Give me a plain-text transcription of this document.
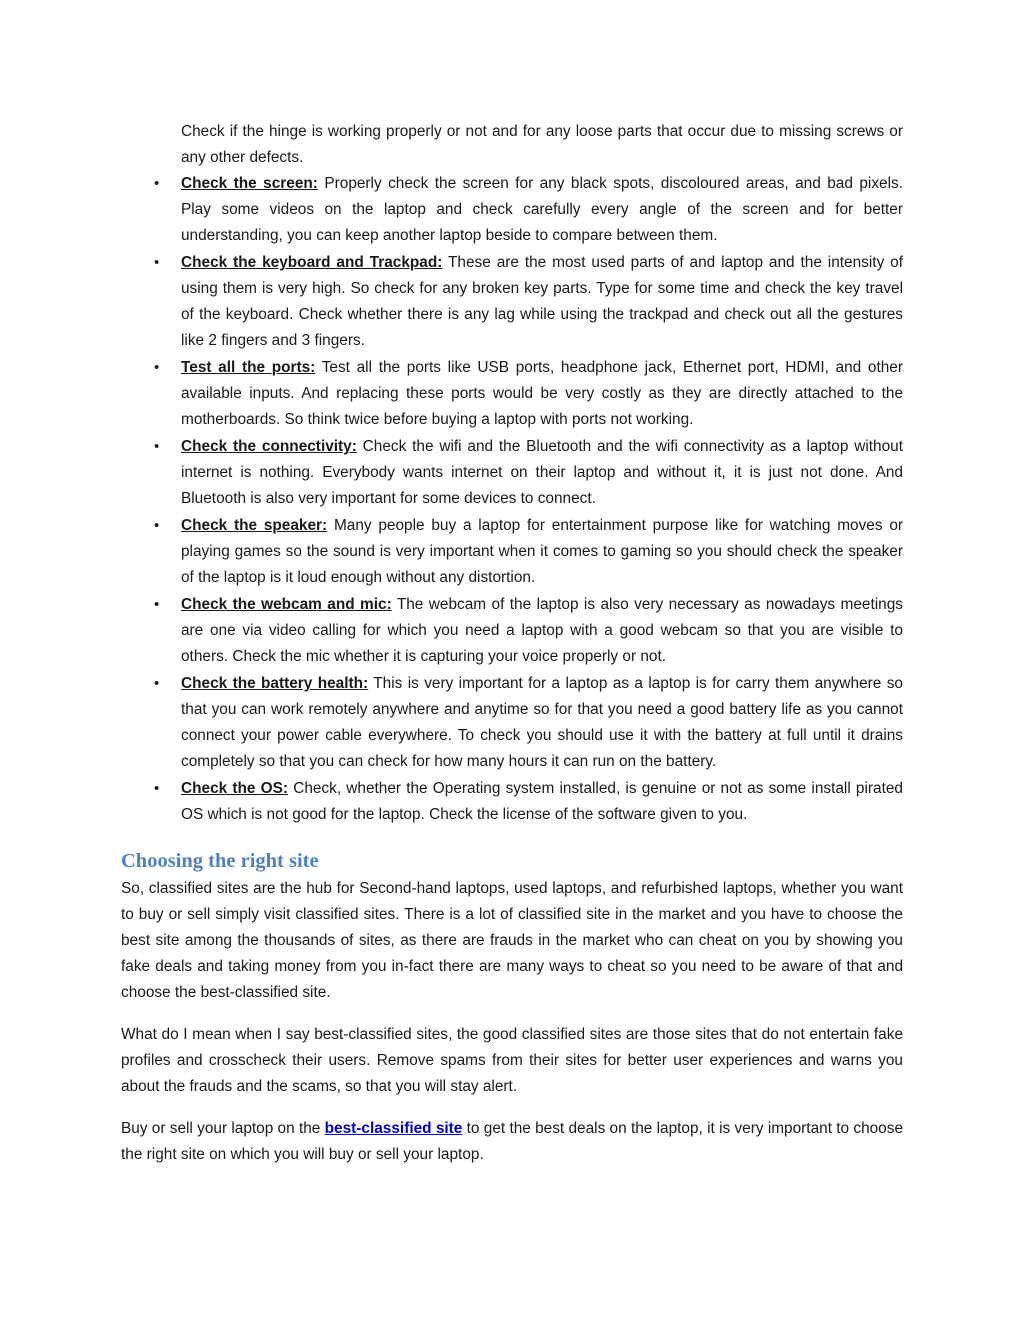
Check if the hinge is working properly or not and for any loose parts that occur due to missing screws or any other defects.

• Check the screen: Properly check the screen for any black spots, discoloured areas, and bad pixels. Play some videos on the laptop and check carefully every angle of the screen and for better understanding, you can keep another laptop beside to compare between them.
• Check the keyboard and Trackpad: These are the most used parts of and laptop and the intensity of using them is very high. So check for any broken key parts. Type for some time and check the key travel of the keyboard. Check whether there is any lag while using the trackpad and check out all the gestures like 2 fingers and 3 fingers.
• Test all the ports: Test all the ports like USB ports, headphone jack, Ethernet port, HDMI, and other available inputs. And replacing these ports would be very costly as they are directly attached to the motherboards. So think twice before buying a laptop with ports not working.
• Check the connectivity: Check the wifi and the Bluetooth and the wifi connectivity as a laptop without internet is nothing. Everybody wants internet on their laptop and without it, it is just not done. And Bluetooth is also very important for some devices to connect.
• Check the speaker: Many people buy a laptop for entertainment purpose like for watching moves or playing games so the sound is very important when it comes to gaming so you should check the speaker of the laptop is it loud enough without any distortion.
• Check the webcam and mic: The webcam of the laptop is also very necessary as nowadays meetings are one via video calling for which you need a laptop with a good webcam so that you are visible to others. Check the mic whether it is capturing your voice properly or not.
• Check the battery health: This is very important for a laptop as a laptop is for carry them anywhere so that you can work remotely anywhere and anytime so for that you need a good battery life as you cannot connect your power cable everywhere. To check you should use it with the battery at full until it drains completely so that you can check for how many hours it can run on the battery.
• Check the OS: Check, whether the Operating system installed, is genuine or not as some install pirated OS which is not good for the laptop. Check the license of the software given to you.
Choosing the right site

So, classified sites are the hub for Second-hand laptops, used laptops, and refurbished laptops, whether you want to buy or sell simply visit classified sites. There is a lot of classified site in the market and you have to choose the best site among the thousands of sites, as there are frauds in the market who can cheat on you by showing you fake deals and taking money from you in-fact there are many ways to cheat so you need to be aware of that and choose the best-classified site.

What do I mean when I say best-classified sites, the good classified sites are those sites that do not entertain fake profiles and crosscheck their users. Remove spams from their sites for better user experiences and warns you about the frauds and the scams, so that you will stay alert.

Buy or sell your laptop on the best-classified site to get the best deals on the laptop, it is very important to choose the right site on which you will buy or sell your laptop.
